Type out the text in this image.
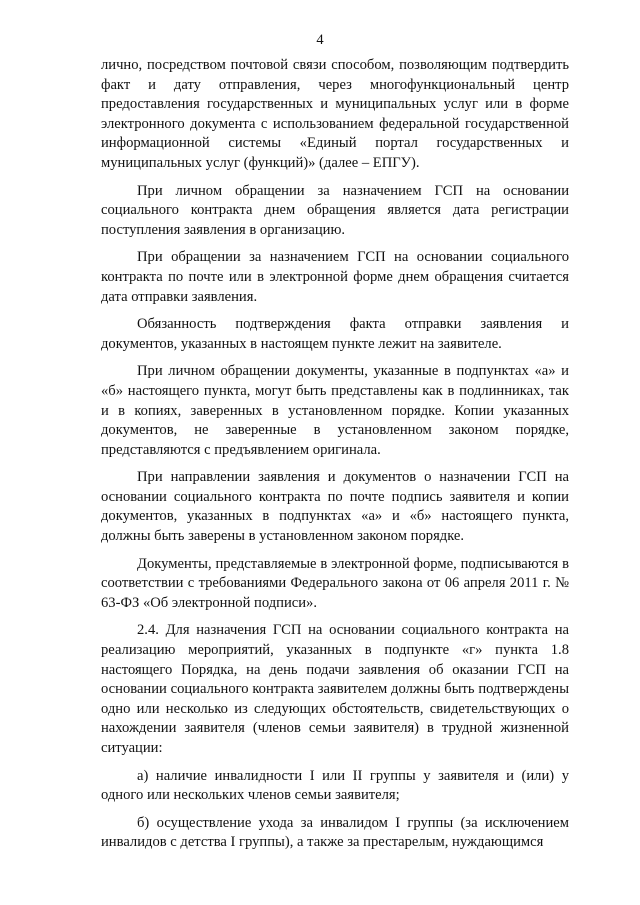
4

лично, посредством почтовой связи способом, позволяющим подтвердить факт и дату отправления, через многофункциональный центр предоставления государственных и муниципальных услуг или в форме электронного документа с использованием федеральной государственной информационной системы «Единый портал государственных и муниципальных услуг (функций)» (далее – ЕПГУ).

При личном обращении за назначением ГСП на основании социального контракта днем обращения является дата регистрации поступления заявления в организацию.

При обращении за назначением ГСП на основании социального контракта по почте или в электронной форме днем обращения считается дата отправки заявления.

Обязанность подтверждения факта отправки заявления и документов, указанных в настоящем пункте лежит на заявителе.

При личном обращении документы, указанные в подпунктах «а» и «б» настоящего пункта, могут быть представлены как в подлинниках, так и в копиях, заверенных в установленном порядке. Копии указанных документов, не заверенные в установленном законом порядке, представляются с предъявлением оригинала.

При направлении заявления и документов о назначении ГСП на основании социального контракта по почте подпись заявителя и копии документов, указанных в подпунктах «а» и «б» настоящего пункта, должны быть заверены в установленном законом порядке.

Документы, представляемые в электронной форме, подписываются в соответствии с требованиями Федерального закона от 06 апреля 2011 г. № 63-ФЗ «Об электронной подписи».

2.4. Для назначения ГСП на основании социального контракта на реализацию мероприятий, указанных в подпункте «г» пункта 1.8 настоящего Порядка, на день подачи заявления об оказании ГСП на основании социального контракта заявителем должны быть подтверждены одно или несколько из следующих обстоятельств, свидетельствующих о нахождении заявителя (членов семьи заявителя) в трудной жизненной ситуации:

а) наличие инвалидности I или II группы у заявителя и (или) у одного или нескольких членов семьи заявителя;

б) осуществление ухода за инвалидом I группы (за исключением инвалидов с детства I группы), а также за престарелым, нуждающимся
